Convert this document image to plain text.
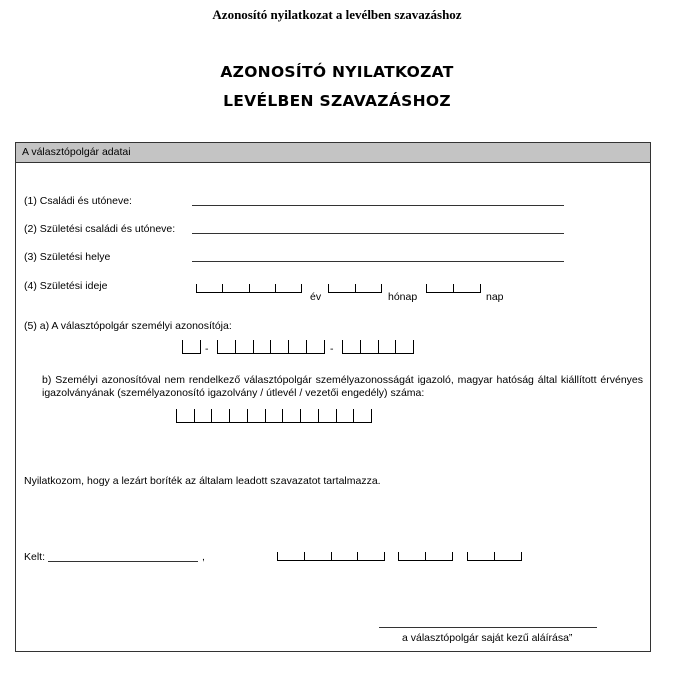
Azonosító nyilatkozat a levélben szavazáshoz
AZONOSÍTÓ NYILATKOZAT
LEVÉLBEN SZAVAZÁSHOZ
A választópolgár adatai
(1) Családi és utóneve:
(2) Születési családi és utóneve:
(3) Születési helye
(4) Születési ideje
év	hónap	nap
(5) a) A választópolgár személyi azonosítója:
-	-
b) Személyi azonosítóval nem rendelkező választópolgár személyazonosságát igazoló, magyar hatóság által kiállított érvényes igazolványának (személyazonosító igazolvány / útlevél / vezetői engedély) száma:
Nyilatkozom, hogy a lezárt boríték az általam leadott szavazatot tartalmazza.
Kelt:	,
a választópolgár saját kezű aláírása”
